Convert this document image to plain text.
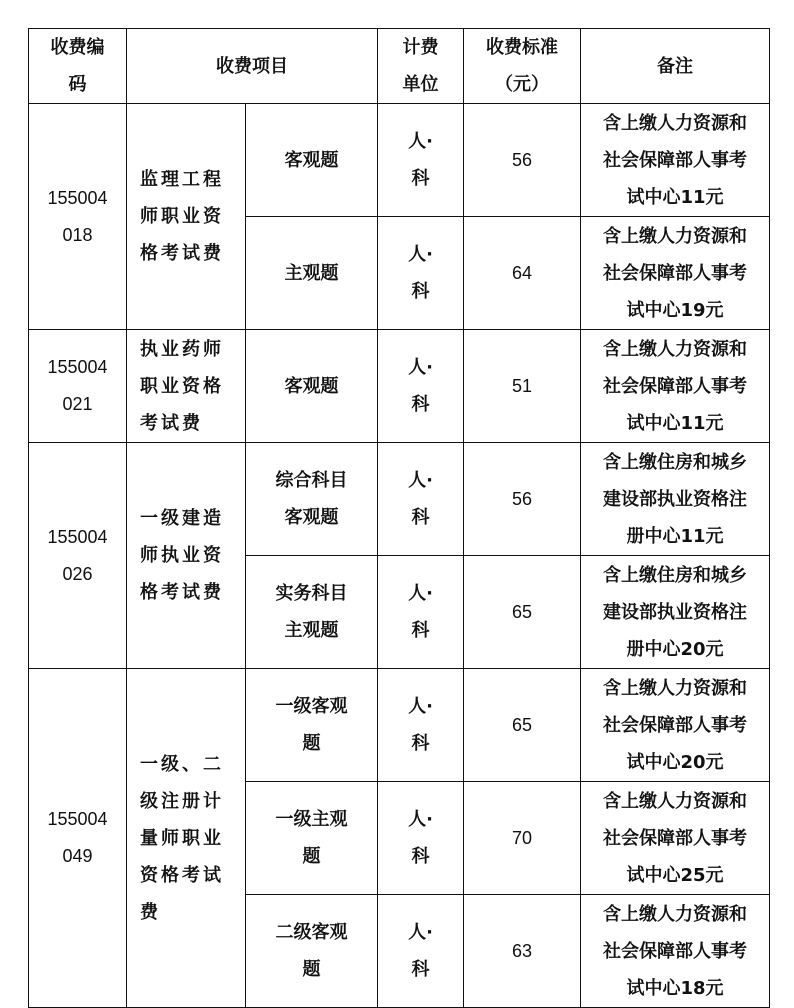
收费编码	收费项目		计费单位	收费标准（元）	备注
155004018	监理工程师职业资格考试费	客观题	人·科	56	含上缴人力资源和社会保障部人事考试中心11元
		主观题	人·科	64	含上缴人力资源和社会保障部人事考试中心19元
155004021	执业药师职业资格考试费	客观题	人·科	51	含上缴人力资源和社会保障部人事考试中心11元
155004026	一级建造师执业资格考试费	综合科目客观题	人·科	56	含上缴住房和城乡建设部执业资格注册中心11元
		实务科目主观题	人·科	65	含上缴住房和城乡建设部执业资格注册中心20元
155004049	一级、二级注册计量师职业资格考试费	一级客观题	人·科	65	含上缴人力资源和社会保障部人事考试中心20元
		一级主观题	人·科	70	含上缴人力资源和社会保障部人事考试中心25元
		二级客观题	人·科	63	含上缴人力资源和社会保障部人事考试中心18元
